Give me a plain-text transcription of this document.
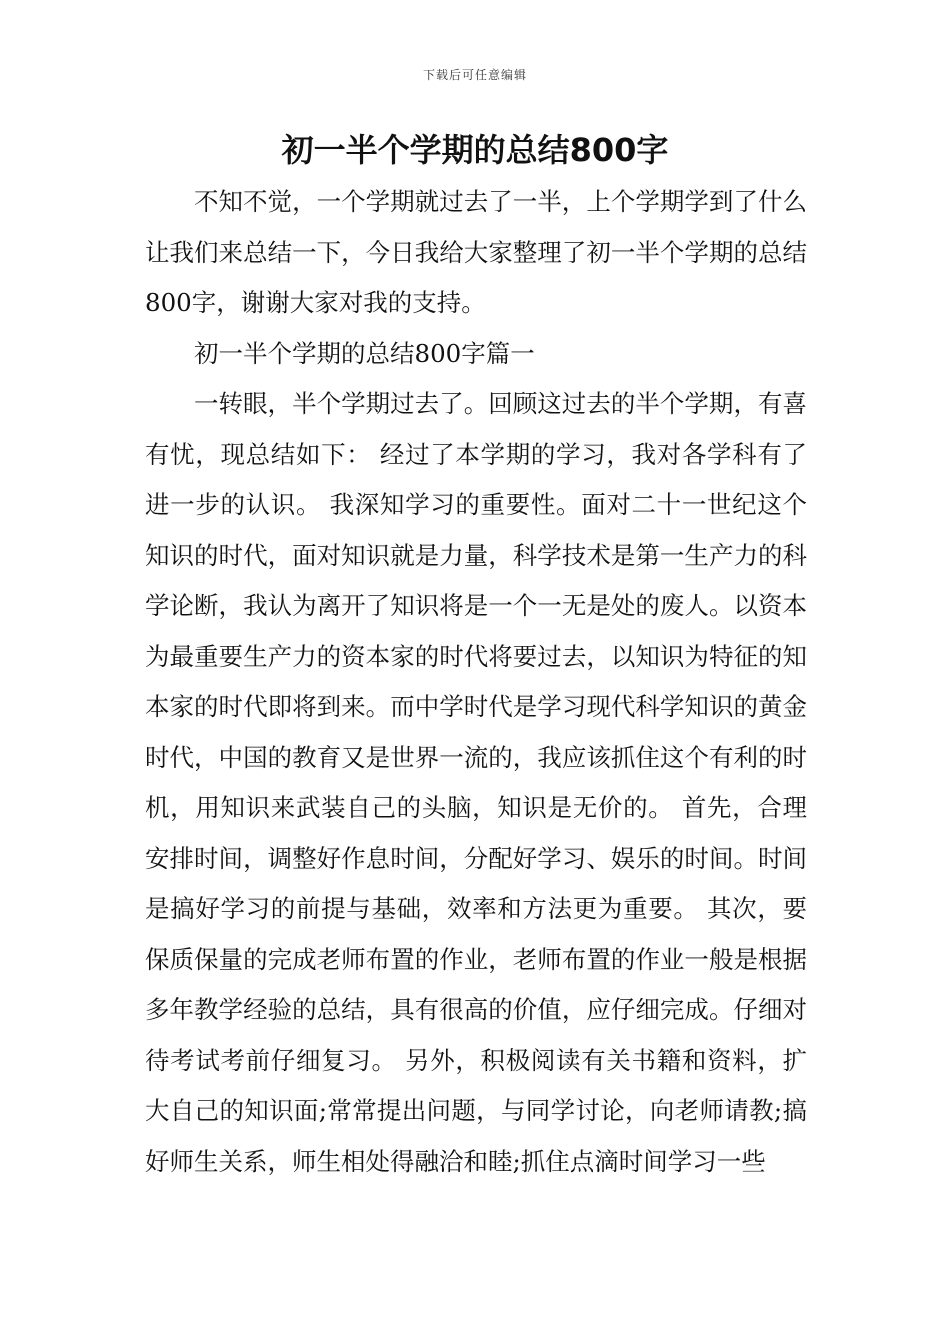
下载后可任意编辑
初一半个学期的总结800字

不知不觉，一个学期就过去了一半，上个学期学到了什么让我们来总结一下，今日我给大家整理了初一半个学期的总结800字，谢谢大家对我的支持。

初一半个学期的总结800字篇一

一转眼，半个学期过去了。回顾这过去的半个学期，有喜有忧，现总结如下： 经过了本学期的学习，我对各学科有了进一步的认识。 我深知学习的重要性。面对二十一世纪这个知识的时代，面对知识就是力量，科学技术是第一生产力的科学论断，我认为离开了知识将是一个一无是处的废人。以资本为最重要生产力的资本家的时代将要过去，以知识为特征的知本家的时代即将到来。而中学时代是学习现代科学知识的黄金时代，中国的教育又是世界一流的，我应该抓住这个有利的时机，用知识来武装自己的头脑，知识是无价的。 首先，合理安排时间，调整好作息时间，分配好学习、娱乐的时间。时间是搞好学习的前提与基础，效率和方法更为重要。 其次，要保质保量的完成老师布置的作业，老师布置的作业一般是根据多年教学经验的总结，具有很高的价值，应仔细完成。仔细对待考试考前仔细复习。 另外，积极阅读有关书籍和资料，扩大自己的知识面;常常提出问题，与同学讨论，向老师请教;搞好师生关系，师生相处得融洽和睦;抓住点滴时间学习一些
